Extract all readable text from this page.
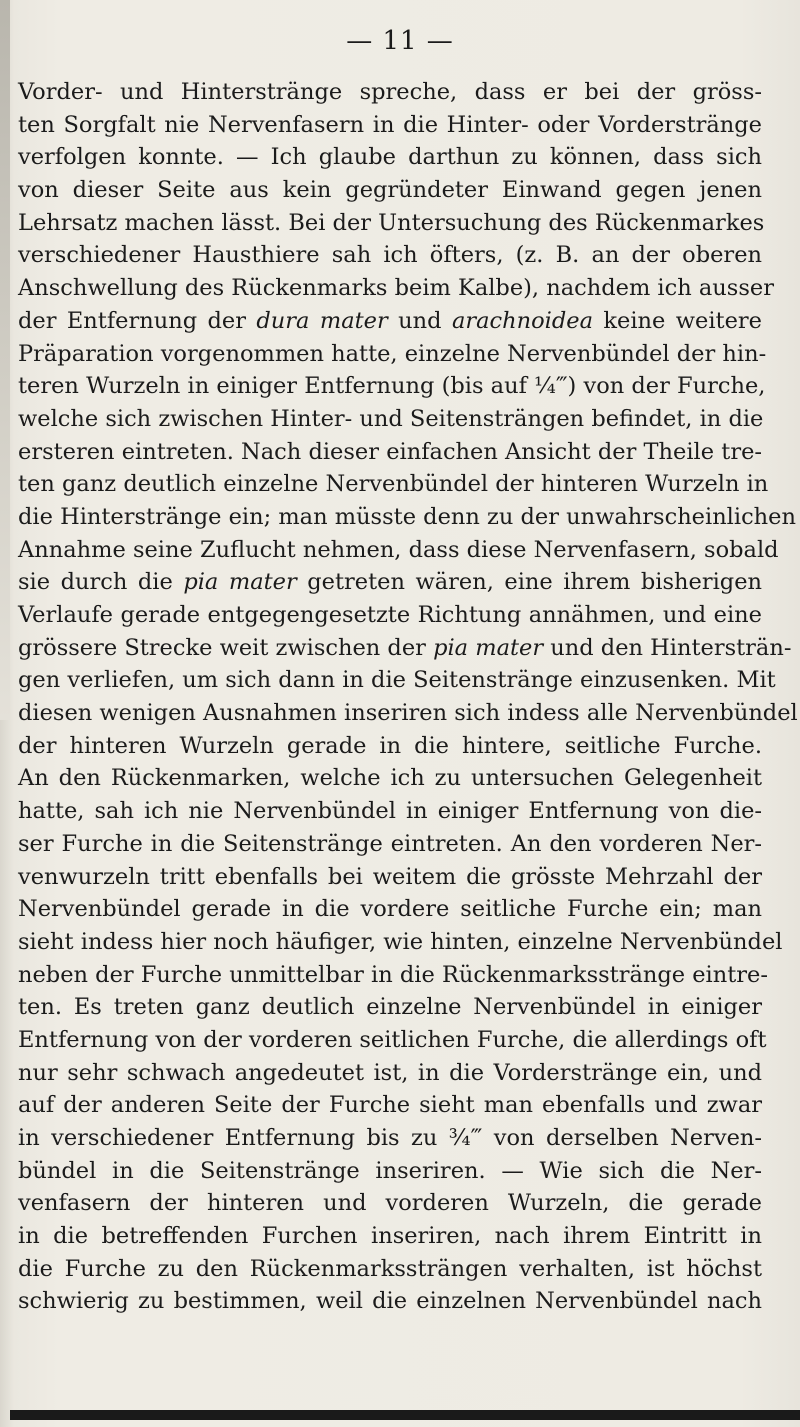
— 11 —
Vorder- und Hinterstränge spreche, dass er bei der gröss-
ten Sorgfalt nie Nervenfasern in die Hinter- oder Vorderstränge
verfolgen konnte. — Ich glaube darthun zu können, dass sich
von dieser Seite aus kein gegründeter Einwand gegen jenen
Lehrsatz machen lässt. Bei der Untersuchung des Rückenmarkes
verschiedener Hausthiere sah ich öfters, (z. B. an der oberen
Anschwellung des Rückenmarks beim Kalbe), nachdem ich ausser
der Entfernung der dura mater und arachnoidea keine weitere
Präparation vorgenommen hatte, einzelne Nervenbündel der hin-
teren Wurzeln in einiger Entfernung (bis auf ¼‴) von der Furche,
welche sich zwischen Hinter- und Seitensträngen befindet, in die
ersteren eintreten. Nach dieser einfachen Ansicht der Theile tre-
ten ganz deutlich einzelne Nervenbündel der hinteren Wurzeln in
die Hinterstränge ein; man müsste denn zu der unwahrscheinlichen
Annahme seine Zuflucht nehmen, dass diese Nervenfasern, sobald
sie durch die pia mater getreten wären, eine ihrem bisherigen
Verlaufe gerade entgegengesetzte Richtung annähmen, und eine
grössere Strecke weit zwischen der pia mater und den Hintersträn-
gen verliefen, um sich dann in die Seitenstränge einzusenken. Mit
diesen wenigen Ausnahmen inseriren sich indess alle Nervenbündel
der hinteren Wurzeln gerade in die hintere, seitliche Furche.
An den Rückenmarken, welche ich zu untersuchen Gelegenheit
hatte, sah ich nie Nervenbündel in einiger Entfernung von die-
ser Furche in die Seitenstränge eintreten. An den vorderen Ner-
venwurzeln tritt ebenfalls bei weitem die grösste Mehrzahl der
Nervenbündel gerade in die vordere seitliche Furche ein; man
sieht indess hier noch häufiger, wie hinten, einzelne Nervenbündel
neben der Furche unmittelbar in die Rückenmarksstränge eintre-
ten. Es treten ganz deutlich einzelne Nervenbündel in einiger
Entfernung von der vorderen seitlichen Furche, die allerdings oft
nur sehr schwach angedeutet ist, in die Vorderstränge ein, und
auf der anderen Seite der Furche sieht man ebenfalls und zwar
in verschiedener Entfernung bis zu ¾‴ von derselben Nerven-
bündel in die Seitenstränge inseriren. — Wie sich die Ner-
venfasern der hinteren und vorderen Wurzeln, die gerade
in die betreffenden Furchen inseriren, nach ihrem Eintritt in
die Furche zu den Rückenmarkssträngen verhalten, ist höchst
schwierig zu bestimmen, weil die einzelnen Nervenbündel nach
